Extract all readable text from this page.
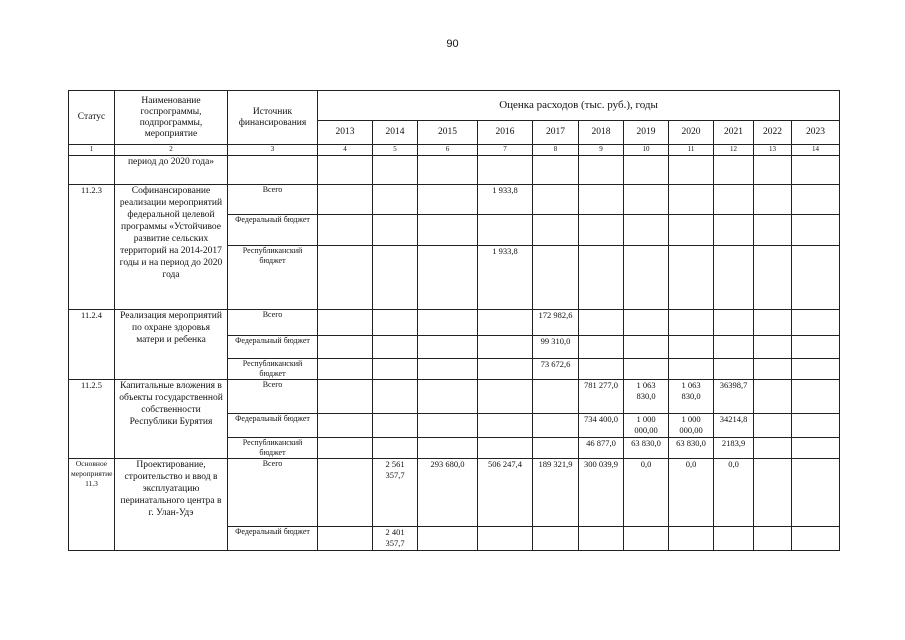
90
Статус	Наименование госпрограммы, подпрограммы, мероприятие	Источник финансирования	Оценка расходов (тыс. руб.), годы										
			2013	2014	2015	2016	2017	2018	2019	2020	2021	2022	2023
1	2	3	4	5	6	7	8	9	10	11	12	13	14
	период до 2020 года»												
11.2.3	Софинансирование реализации мероприятий федеральной целевой программы «Устойчивое развитие сельских территорий на 2014-2017 годы и на период до 2020 года	Всего				1 933,8							
		Федеральный бюджет											
		Республиканский бюджет				1 933,8							
11.2.4	Реализация мероприятий по охране здоровья матери и ребенка	Всего					172 982,6						
		Федеральный бюджет					99 310,0						
		Республиканский бюджет					73 672,6						
11.2.5	Капитальные вложения в объекты государственной собственности Республики Бурятия	Всего						781 277,0	1 063 830,0	1 063 830,0	36398,7		
		Федеральный бюджет						734 400,0	1 000 000,00	1 000 000,00	34214,8		
		Республиканский бюджет						46 877,0	63 830,0	63 830,0	2183,9		
Основное мероприятие 11.3	Проектирование, строительство и ввод в эксплуатацию перинатального центра в г. Улан-Удэ	Всего		2 561 357,7	293 680,0	506 247,4	189 321,9	300 039,9	0,0	0,0	0,0		
		Федеральный бюджет		2 401 357,7									
